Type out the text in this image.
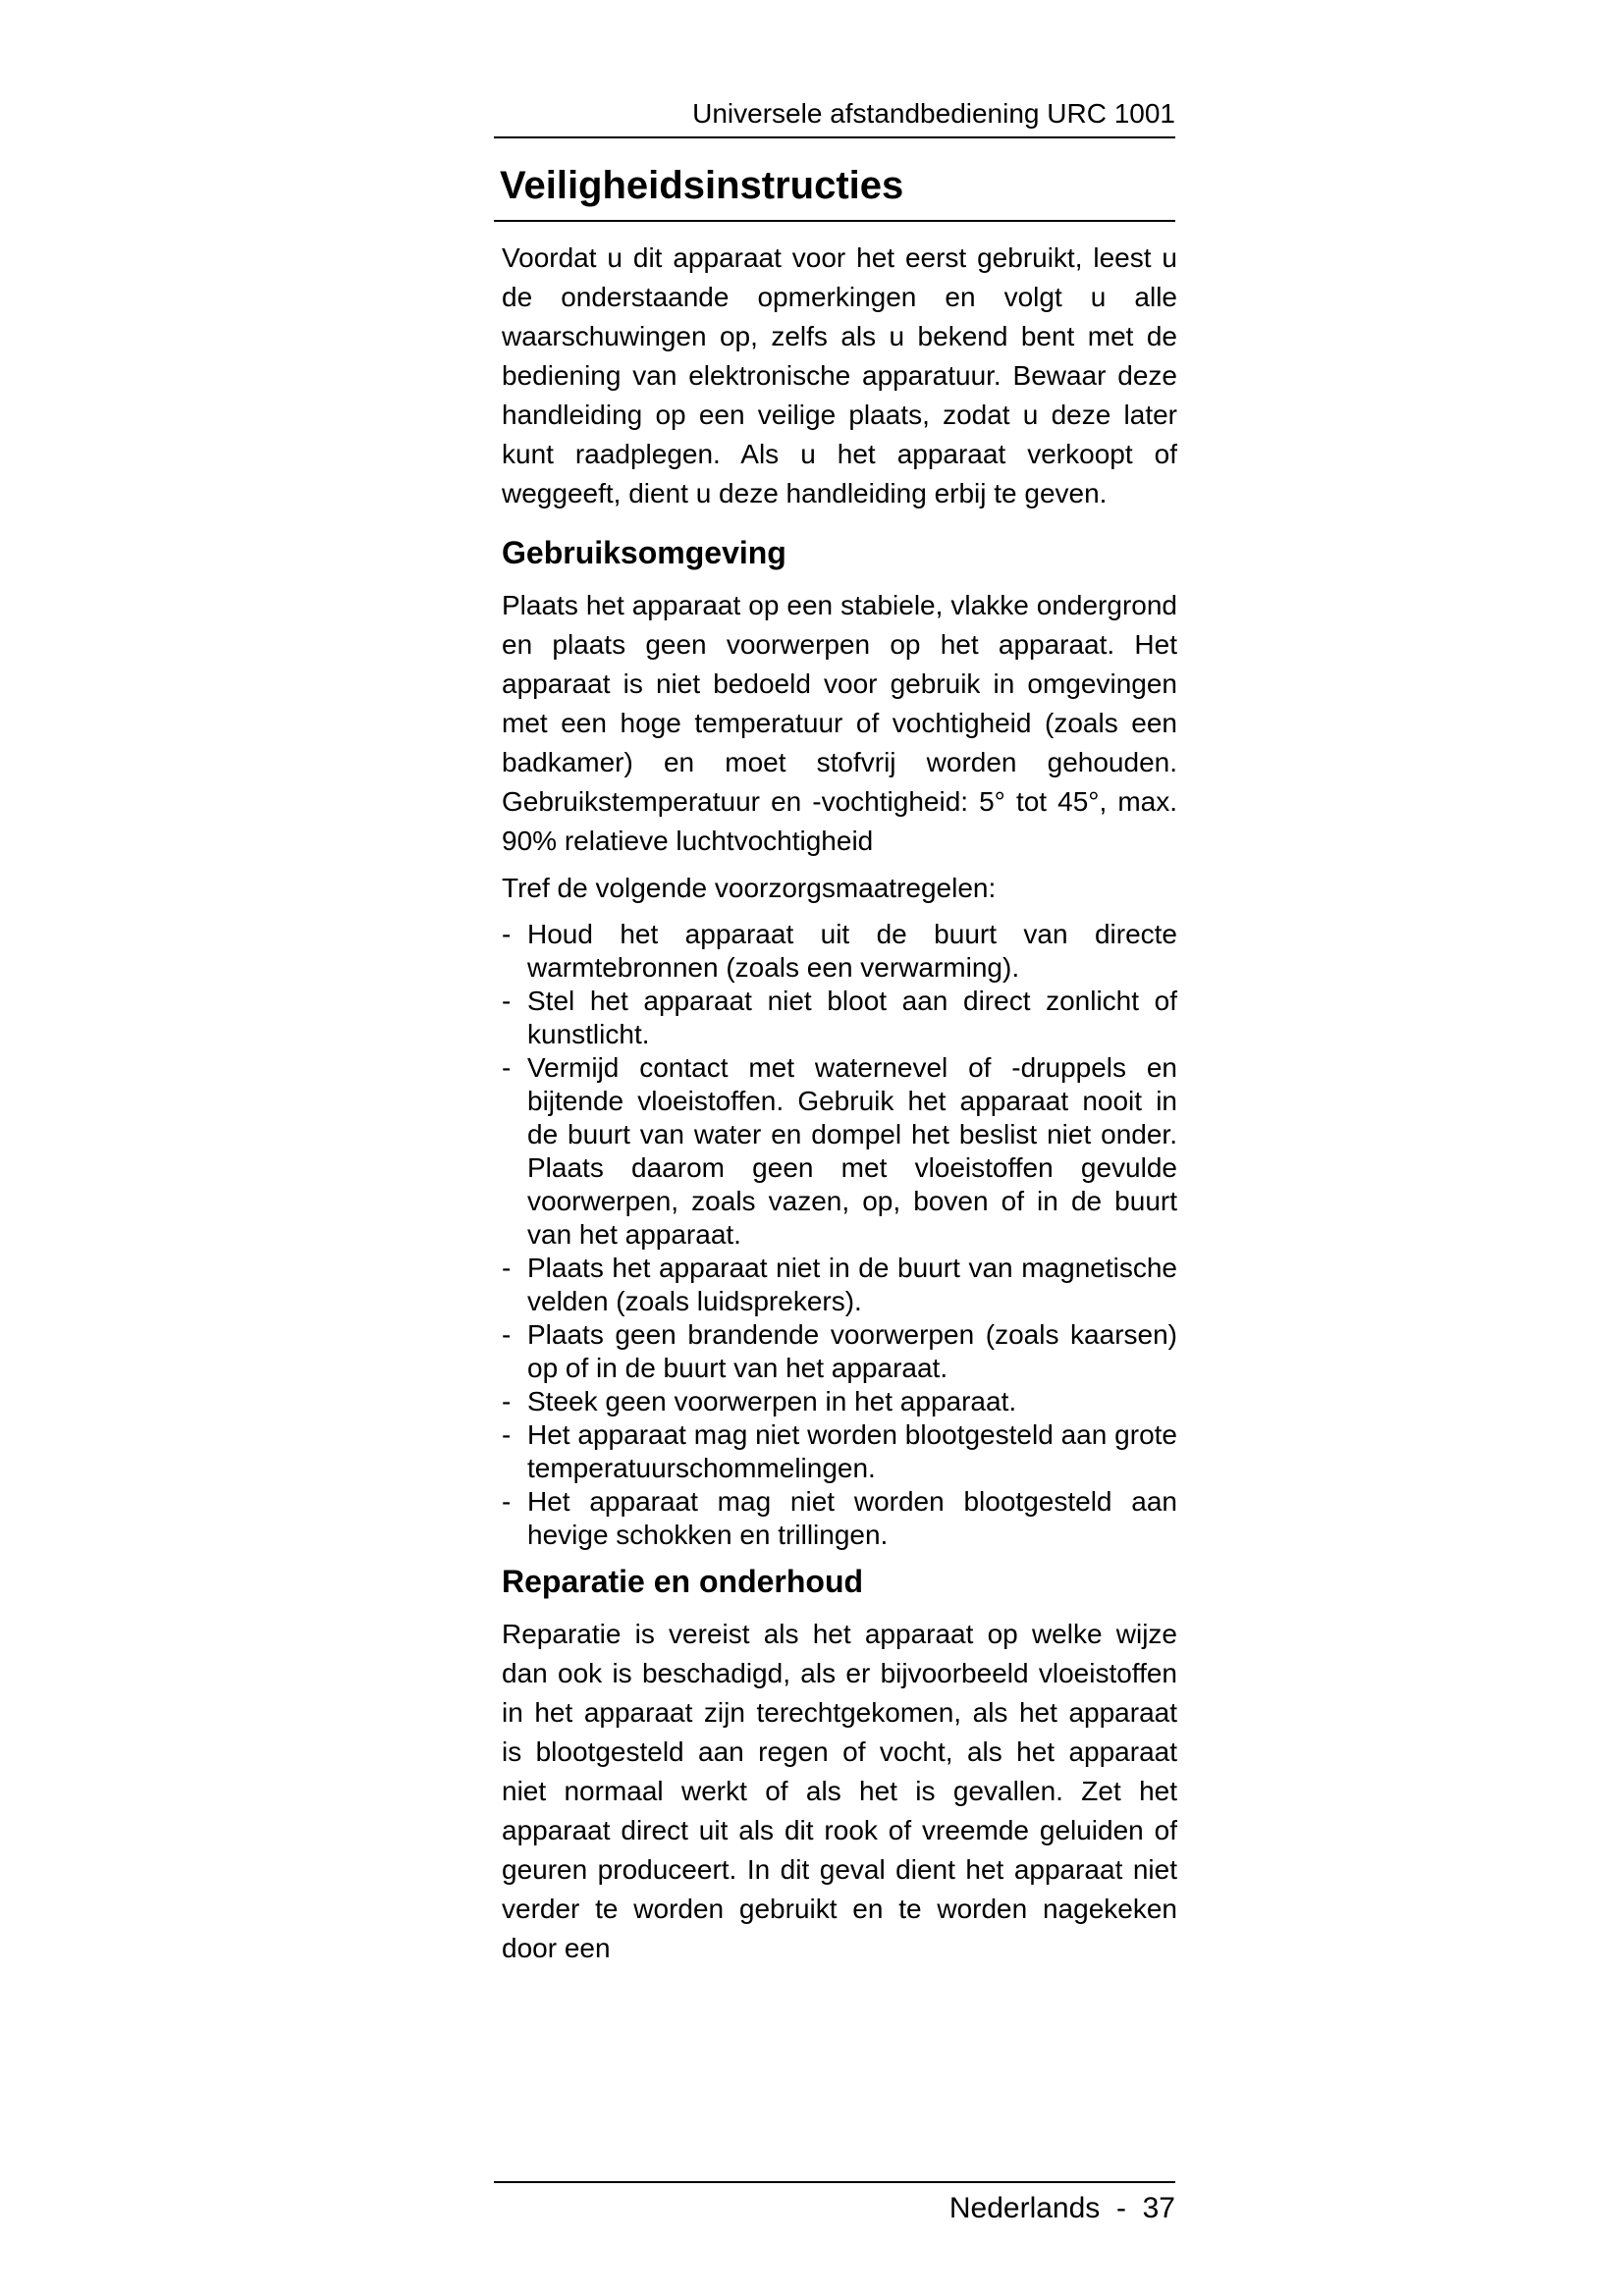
Universele afstandbediening URC 1001
Veiligheidsinstructies

Voordat u dit apparaat voor het eerst gebruikt, leest u de onderstaande opmerkingen en volgt u alle waarschuwingen op, zelfs als u bekend bent met de bediening van elektronische apparatuur. Bewaar deze handleiding op een veilige plaats, zodat u deze later kunt raadplegen. Als u het apparaat verkoopt of weggeeft, dient u deze handleiding erbij te geven.

Gebruiksomgeving

Plaats het apparaat op een stabiele, vlakke ondergrond en plaats geen voorwerpen op het apparaat. Het apparaat is niet bedoeld voor gebruik in omgevingen met een hoge temperatuur of vochtigheid (zoals een badkamer) en moet stofvrij worden gehouden. Gebruikstemperatuur en -vochtigheid: 5° tot 45°, max. 90% relatieve luchtvochtigheid

Tref de volgende voorzorgsmaatregelen:

- Houd het apparaat uit de buurt van directe warmtebronnen (zoals een verwarming).
- Stel het apparaat niet bloot aan direct zonlicht of kunstlicht.
- Vermijd contact met waternevel of -druppels en bijtende vloeistoffen. Gebruik het apparaat nooit in de buurt van water en dompel het beslist niet onder. Plaats daarom geen met vloeistoffen gevulde voorwerpen, zoals vazen, op, boven of in de buurt van het apparaat.
- Plaats het apparaat niet in de buurt van magnetische velden (zoals luidsprekers).
- Plaats geen brandende voorwerpen (zoals kaarsen) op of in de buurt van het apparaat.
- Steek geen voorwerpen in het apparaat.
- Het apparaat mag niet worden blootgesteld aan grote temperatuurschommelingen.
- Het apparaat mag niet worden blootgesteld aan hevige schokken en trillingen.
Reparatie en onderhoud

Reparatie is vereist als het apparaat op welke wijze dan ook is beschadigd, als er bijvoorbeeld vloeistoffen in het apparaat zijn terechtgekomen, als het apparaat is blootgesteld aan regen of vocht, als het apparaat niet normaal werkt of als het is gevallen. Zet het apparaat direct uit als dit rook of vreemde geluiden of geuren produceert. In dit geval dient het apparaat niet verder te worden gebruikt en te worden nagekeken door een

Nederlands  -  37
